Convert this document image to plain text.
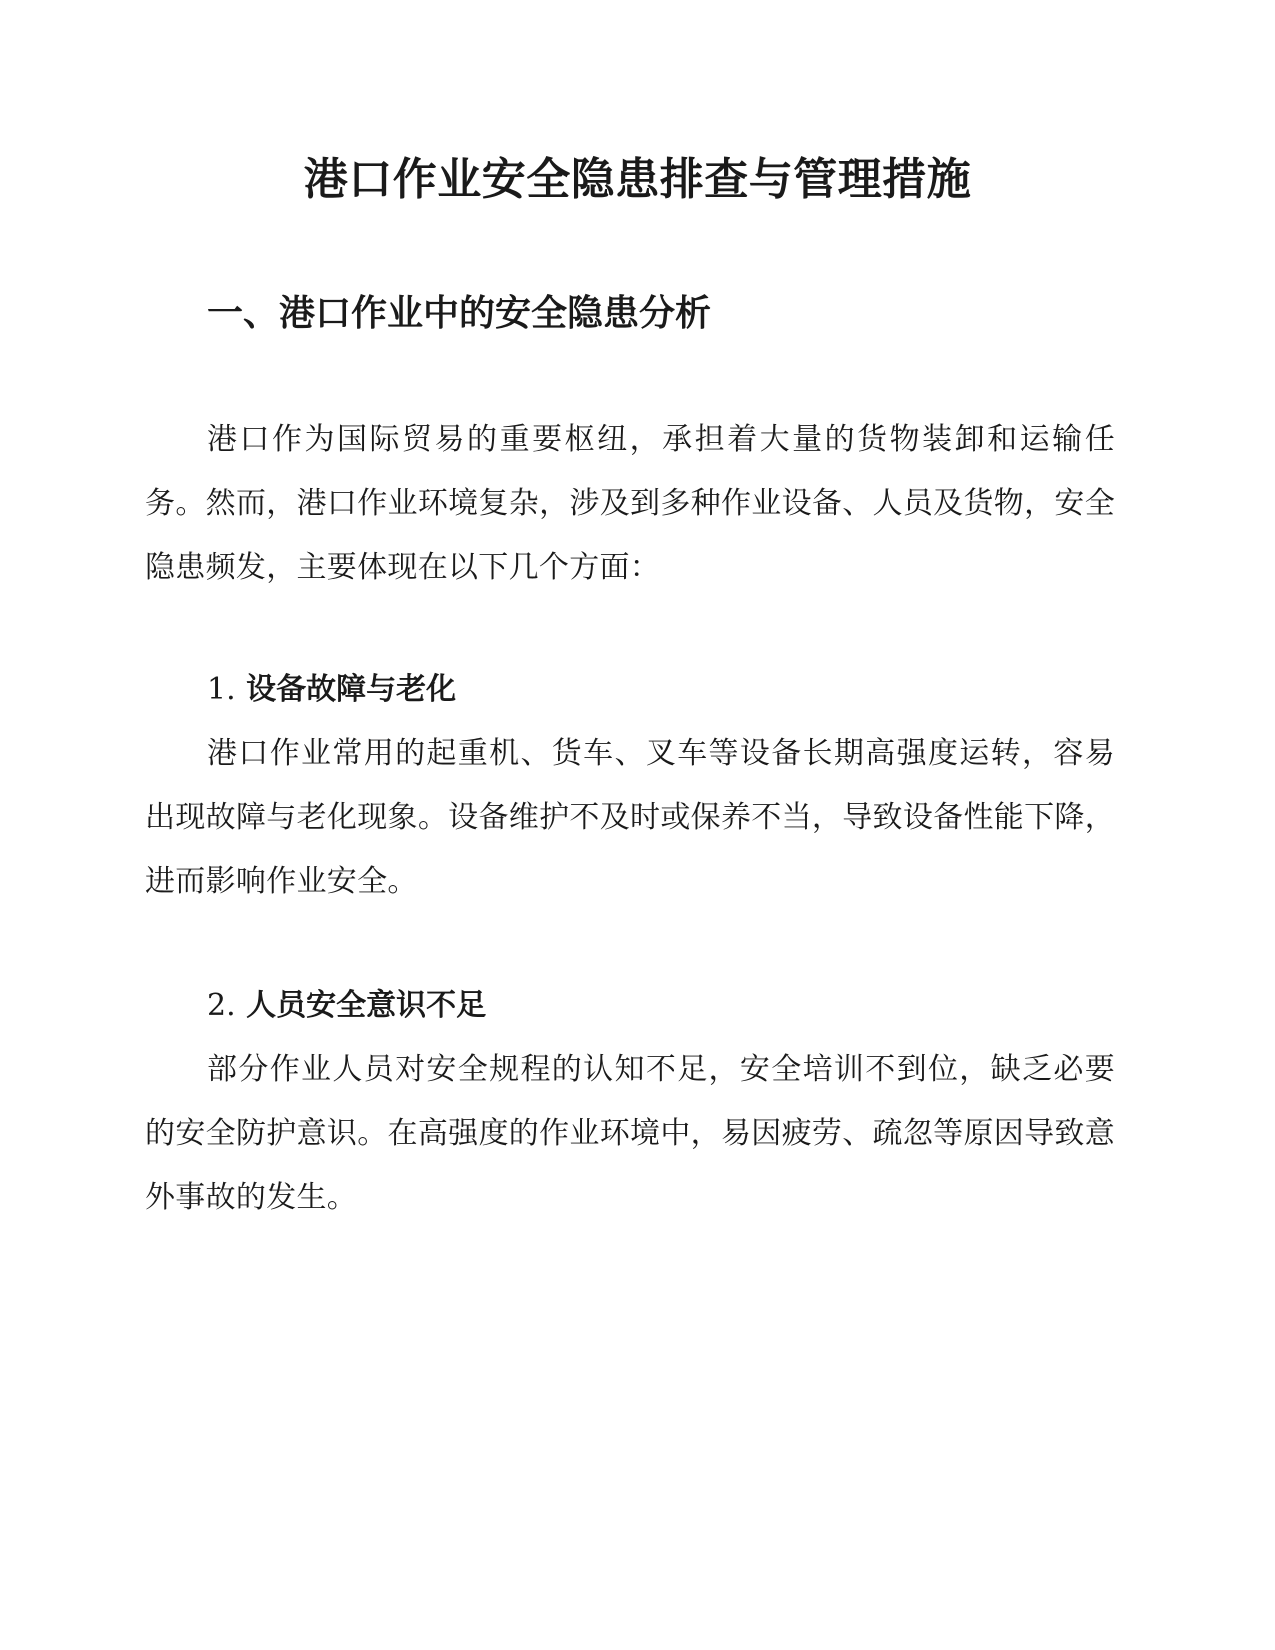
港口作业安全隐患排查与管理措施
一、港口作业中的安全隐患分析

港口作为国际贸易的重要枢纽，承担着大量的货物装卸和运输任务。然而，港口作业环境复杂，涉及到多种作业设备、人员及货物，安全隐患频发，主要体现在以下几个方面：

1. 设备故障与老化

港口作业常用的起重机、货车、叉车等设备长期高强度运转，容易出现故障与老化现象。设备维护不及时或保养不当，导致设备性能下降，进而影响作业安全。

2. 人员安全意识不足

部分作业人员对安全规程的认知不足，安全培训不到位，缺乏必要的安全防护意识。在高强度的作业环境中，易因疲劳、疏忽等原因导致意外事故的发生。
